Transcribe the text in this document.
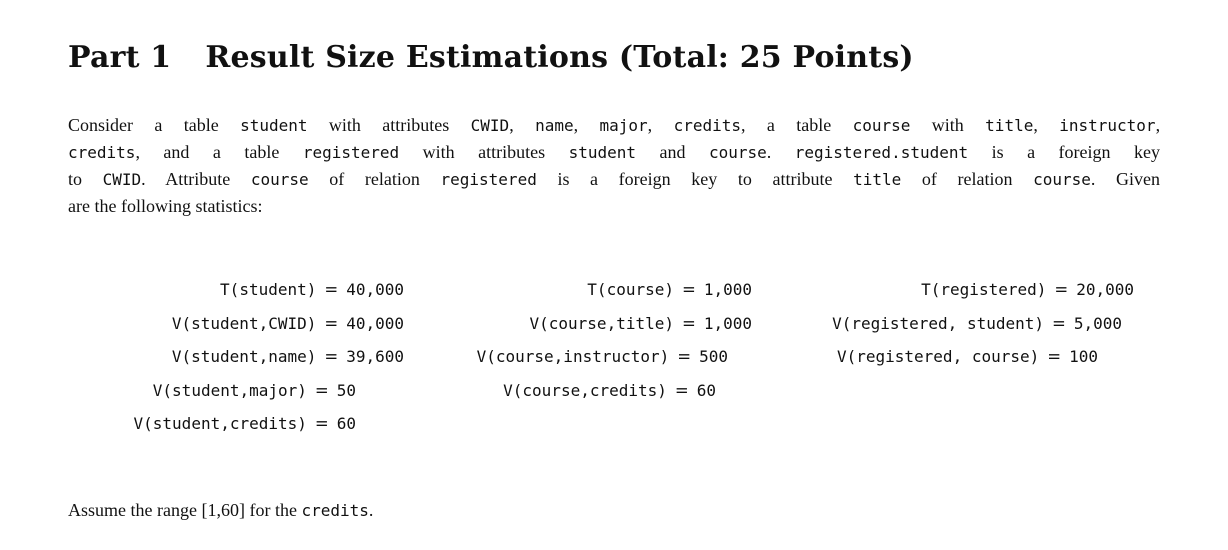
Part 1 Result Size Estimations (Total: 25 Points)
Consider a table student with attributes CWID, name, major, credits, a table course with title, instructor,
credits, and a table registered with attributes student and course. registered.student is a foreign key
to CWID. Attribute course of relation registered is a foreign key to attribute title of relation course. Given
are the following statistics:
T(student) = 40,000
V(student,CWID) = 40,000
V(student,name) = 39,600
V(student,major) = 50
V(student,credits) = 60
T(course) = 1,000
V(course,title) = 1,000
V(course,instructor) = 500
V(course,credits) = 60
T(registered) = 20,000
V(registered, student) = 5,000
V(registered, course) = 100
Assume the range [1,60] for the credits.
